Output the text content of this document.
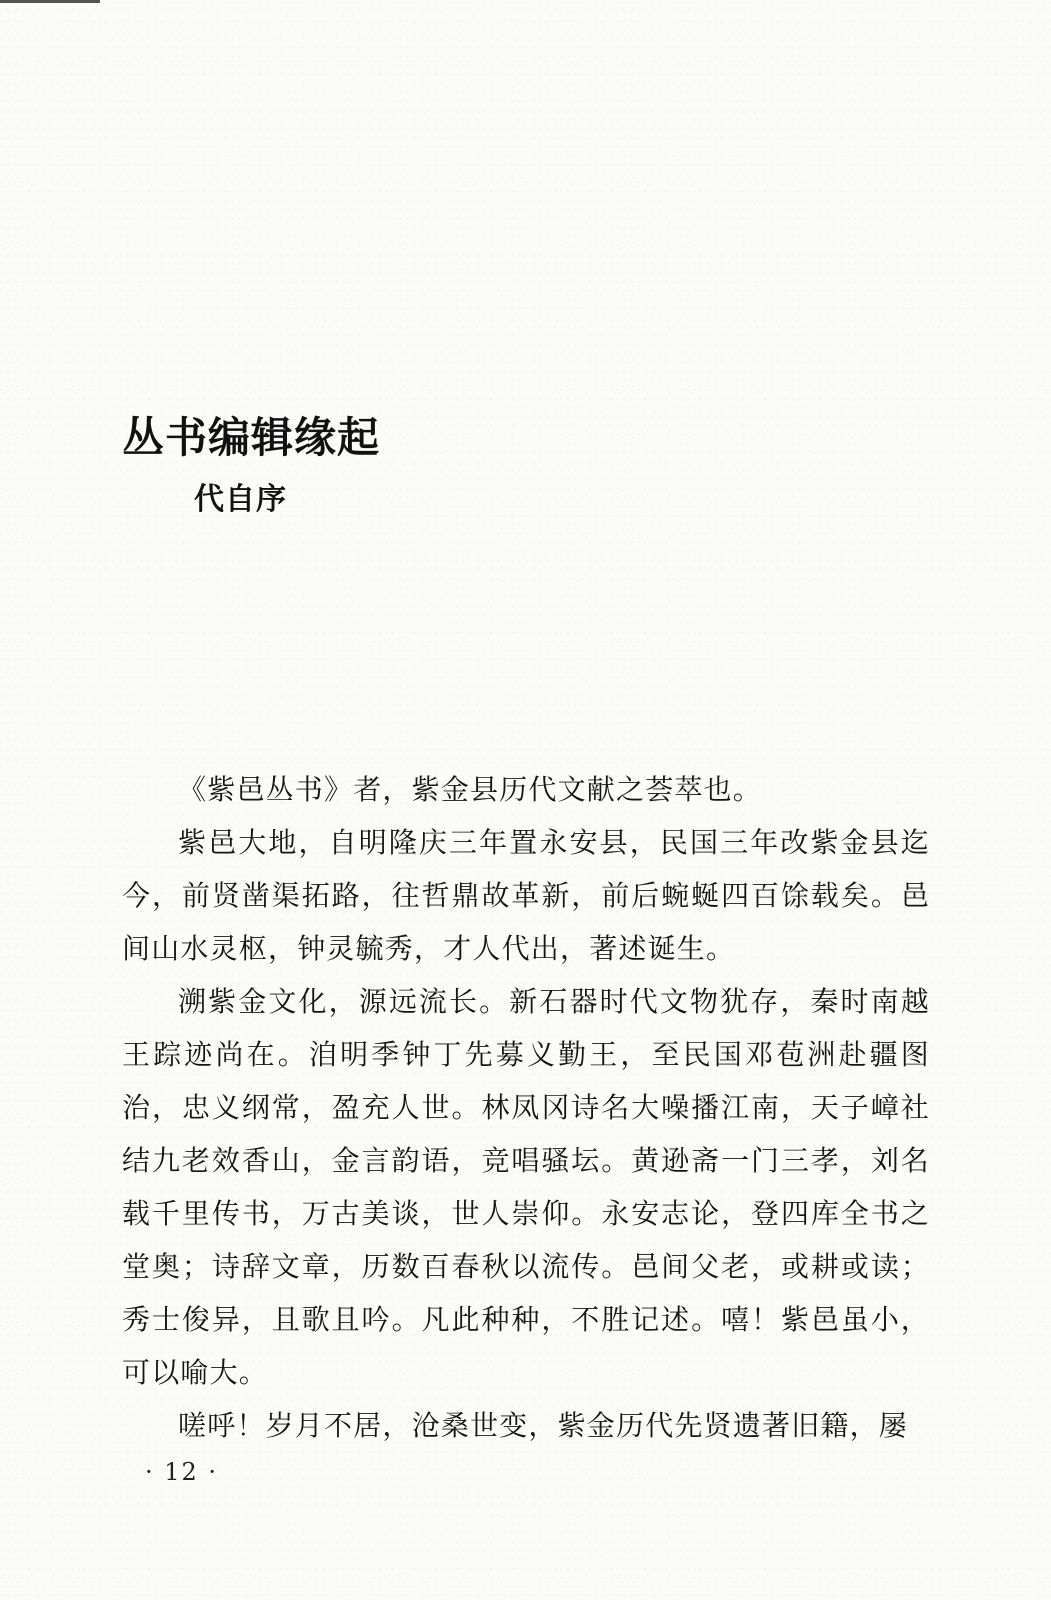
丛书编辑缘起
代自序

《紫邑丛书》者，紫金县历代文献之荟萃也。

紫邑大地，自明隆庆三年置永安县，民国三年改紫金县迄今，前贤凿渠拓路，往哲鼎故革新，前后蜿蜒四百馀载矣。邑间山水灵枢，钟灵毓秀，才人代出，著述诞生。

溯紫金文化，源远流长。新石器时代文物犹存，秦时南越王踪迹尚在。洎明季钟丁先募义勤王，至民国邓苞洲赴疆图治，忠义纲常，盈充人世。林凤冈诗名大噪播江南，天子嶂社结九老效香山，金言韵语，竞唱骚坛。黄逊斋一门三孝，刘名载千里传书，万古美谈，世人崇仰。永安志论，登四库全书之堂奥；诗辞文章，历数百春秋以流传。邑间父老，或耕或读；秀士俊异，且歌且吟。凡此种种，不胜记述。嘻！紫邑虽小，可以喻大。

嗟呼！岁月不居，沧桑世变，紫金历代先贤遗著旧籍，屡

· 12 ·
